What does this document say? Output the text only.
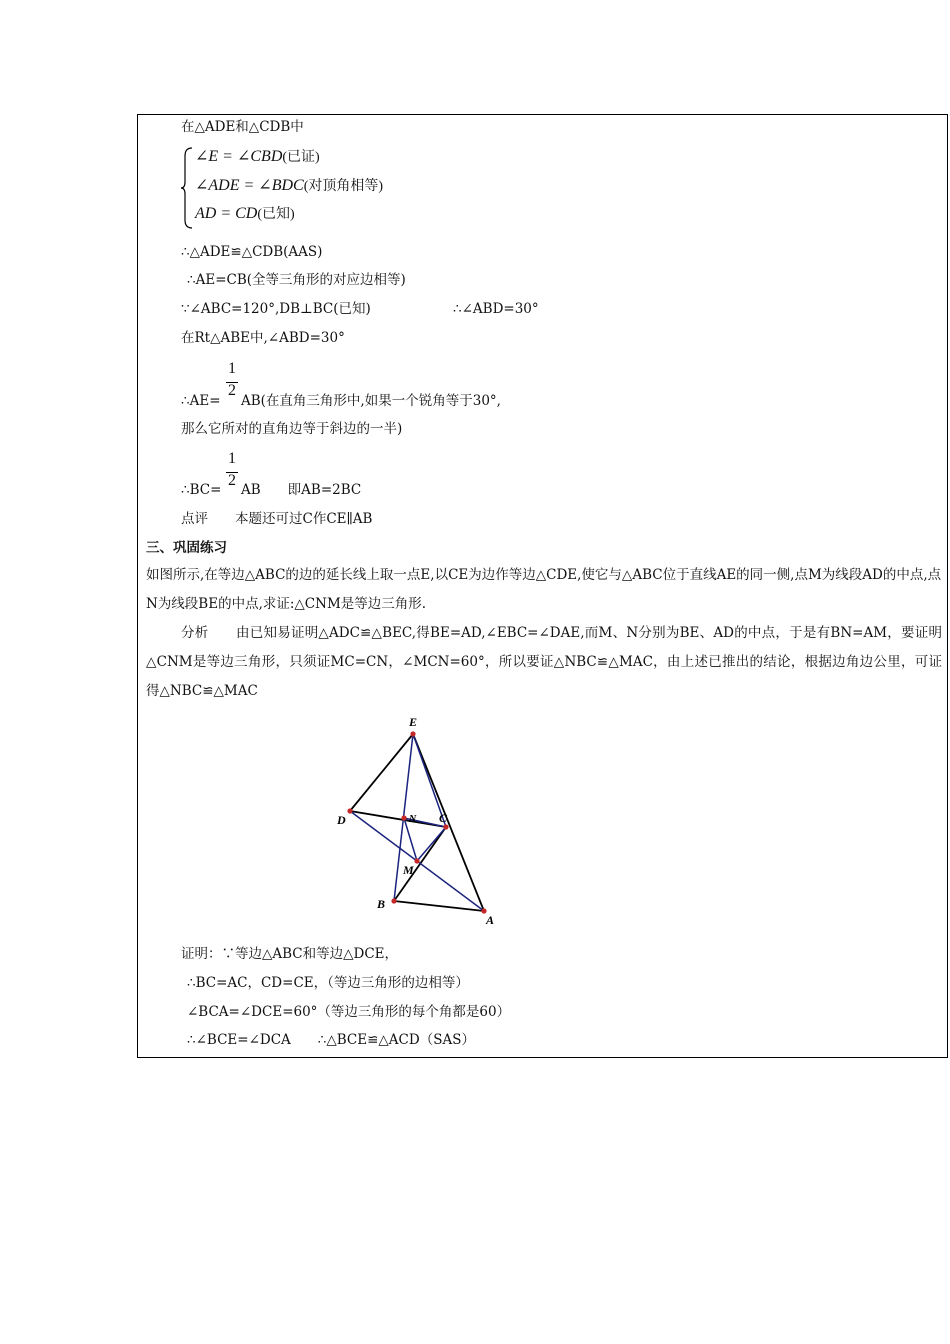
在△ADE和△CDB中
∠E = ∠CBD(已证)
∠ADE = ∠BDC(对顶角相等)
AD = CD(已知)
∴△ADE≌△CDB(AAS)
∴AE=CB(全等三角形的对应边相等)
∵∠ABC=120°,DB⊥BC(已知)	∴∠ABD=30°
在Rt△ABE中,∠ABD=30°
1
2
∴AE= AB(在直角三角形中,如果一个锐角等于30°,
那么它所对的直角边等于斜边的一半)
1
2
∴BC= AB　　即AB=2BC
点评　　本题还可过C作CE∥AB
三、巩固练习
如图所示,在等边△ABC的边的延长线上取一点E,以CE为边作等边△CDE,使它与△ABC位于直线AE的同一侧,点M为线段AD的中点,点N为线段BE的中点,求证:△CNM是等边三角形.
分析　　由已知易证明△ADC≌△BEC,得BE=AD,∠EBC=∠DAE,而M、N分别为BE、AD的中点，于是有BN=AM，要证明△CNM是等边三角形，只须证MC=CN，∠MCN=60°，所以要证△NBC≌△MAC，由上述已推出的结论，根据边角边公里，可证得△NBC≌△MAC
E
D	N C
M
B
A
证明：∵等边△ABC和等边△DCE，
∴BC=AC，CD=CE，（等边三角形的边相等）
∠BCA=∠DCE=60°（等边三角形的每个角都是60）
∴∠BCE=∠DCA　　∴△BCE≌△ACD（SAS）
